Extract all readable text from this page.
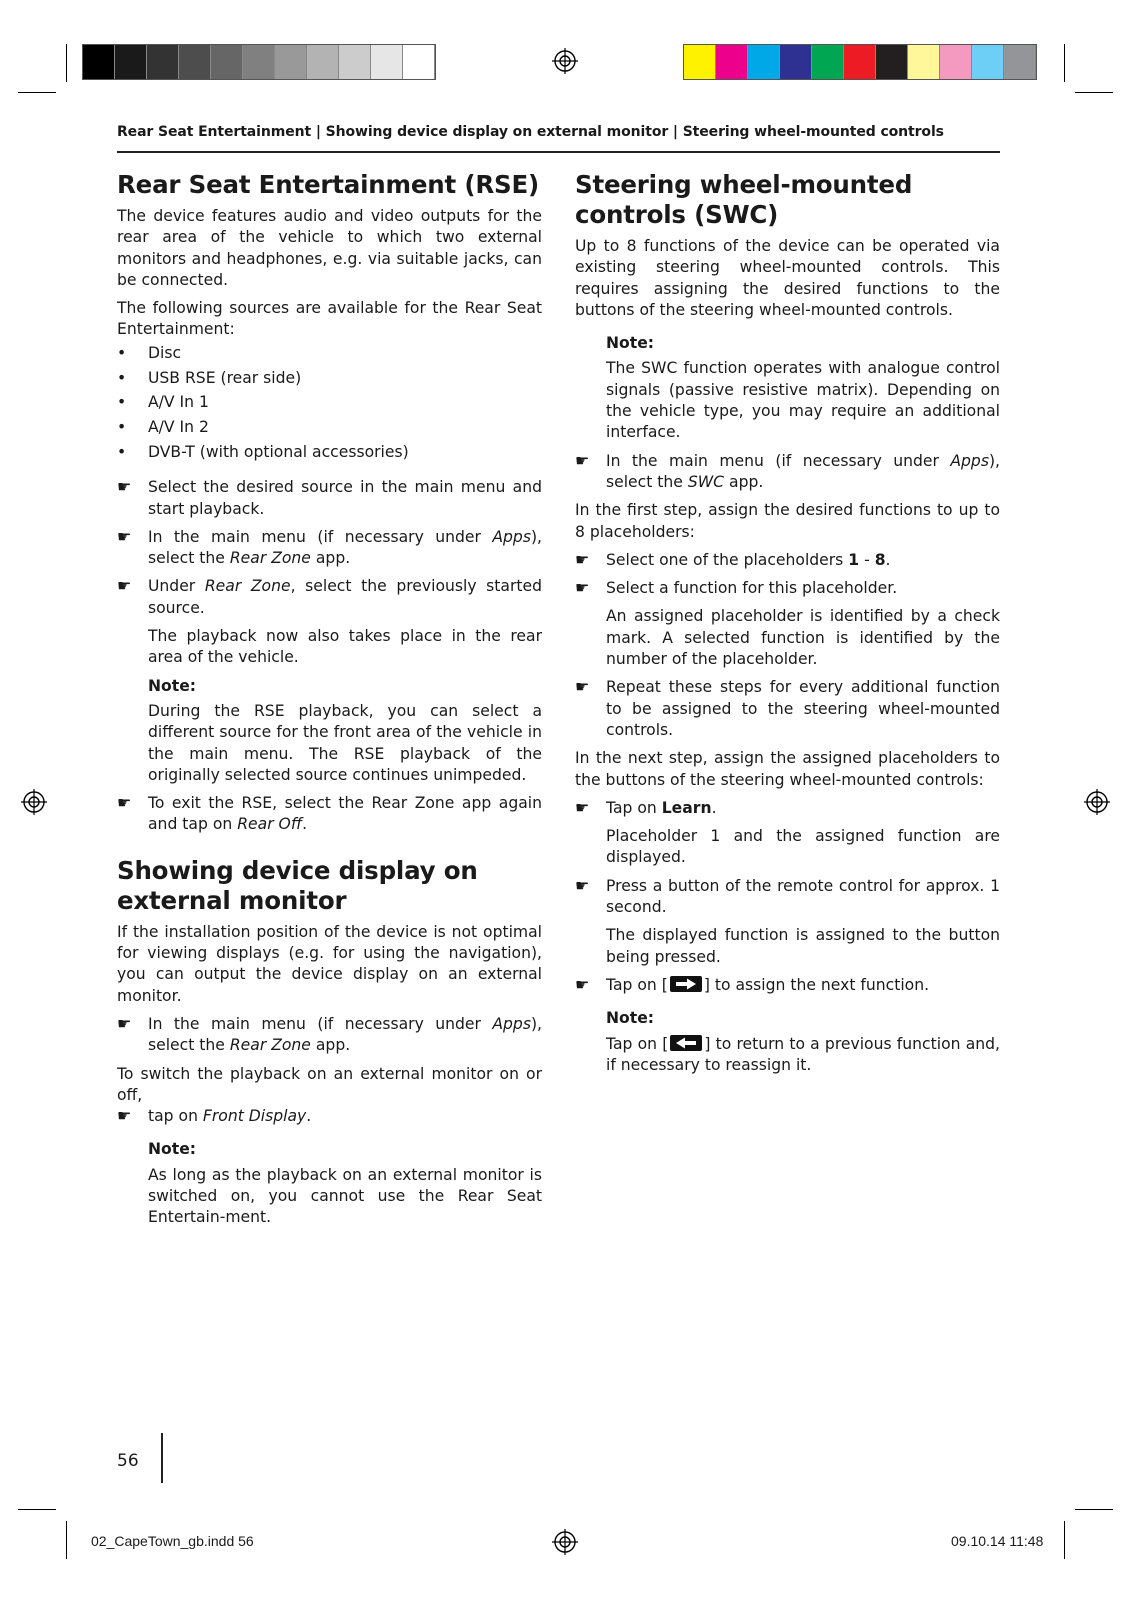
Rear Seat Entertainment | Showing device display on external monitor | Steering wheel-mounted controls
Rear Seat Entertainment (RSE)

The device features audio and video outputs for the rear area of the vehicle to which two external monitors and headphones, e.g. via suitable jacks, can be connected.

The following sources are available for the Rear Seat Entertainment:

• Disc
• USB RSE (rear side)
• A/V In 1
• A/V In 2
• DVB-T (with optional accessories)
☛ Select the desired source in the main menu and start playback.
☛ In the main menu (if necessary under Apps), select the Rear Zone app.
☛ Under Rear Zone, select the previously started source.
The playback now also takes place in the rear area of the vehicle.
Note:
During the RSE playback, you can select a different source for the front area of the vehicle in the main menu. The RSE playback of the originally selected source continues unimpeded.
☛ To exit the RSE, select the Rear Zone app again and tap on Rear Off.
Showing device display on external monitor

If the installation position of the device is not optimal for viewing displays (e.g. for using the navigation), you can output the device display on an external monitor.

☛ In the main menu (if necessary under Apps), select the Rear Zone app.

To switch the playback on an external monitor on or off,

☛ tap on Front Display.
Note:
As long as the playback on an external monitor is switched on, you cannot use the Rear Seat Entertain-ment.
Steering wheel-mounted controls (SWC)

Up to 8 functions of the device can be operated via existing steering wheel-mounted controls. This requires assigning the desired functions to the buttons of the steering wheel-mounted controls.

Note:
The SWC function operates with analogue control signals (passive resistive matrix). Depending on the vehicle type, you may require an additional interface.
☛ In the main menu (if necessary under Apps), select the SWC app.

In the first step, assign the desired functions to up to 8 placeholders:

☛ Select one of the placeholders 1 - 8.
☛ Select a function for this placeholder.
An assigned placeholder is identified by a check mark. A selected function is identified by the number of the placeholder.
☛ Repeat these steps for every additional function to be assigned to the steering wheel-mounted controls.

In the next step, assign the assigned placeholders to the buttons of the steering wheel-mounted controls:

☛ Tap on Learn.
Placeholder 1 and the assigned function are displayed.
☛ Press a button of the remote control for approx. 1 second.
The displayed function is assigned to the button being pressed.
☛ Tap on [ ] to assign the next function.
Note:
Tap on [ ] to return to a previous function and, if necessary to reassign it.
56
02_CapeTown_gb.indd 56	09.10.14 11:48
